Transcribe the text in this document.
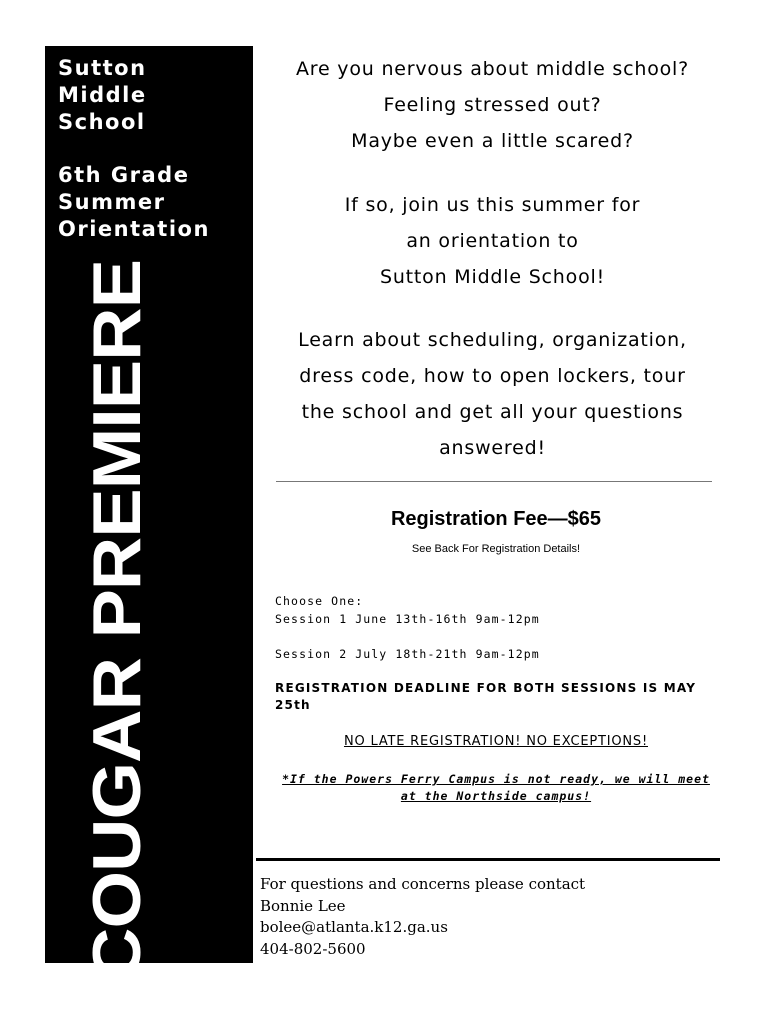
Sutton
Middle
School
6th Grade
Summer
Orientation
COUGAR PREMIERE
Are you nervous about middle school?
Feeling stressed out?
Maybe even a little scared?
If so, join us this summer for
an orientation to
Sutton Middle School!
Learn about scheduling, organization,
dress code, how to open lockers, tour
the school and get all your questions
answered!
Registration Fee—$65
See Back For Registration Details!
Choose One:
Session 1 June 13th-16th 9am-12pm
Session 2 July 18th-21th 9am-12pm
REGISTRATION DEADLINE FOR BOTH SESSIONS IS MAY 25th
NO LATE REGISTRATION! NO EXCEPTIONS!
*If the Powers Ferry Campus is not ready, we will meet at the Northside campus!
For questions and concerns please contact
Bonnie Lee
bolee@atlanta.k12.ga.us
404-802-5600
